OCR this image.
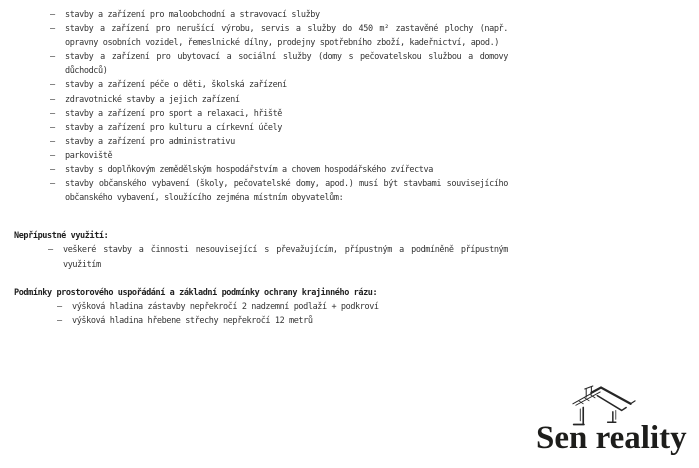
—	stavby a zařízení pro maloobchodní a stravovací služby
—	stavby a zařízení pro nerušící výrobu, servis a služby do 450 m² zastavěné plochy (např. opravny osobních vozidel, řemeslnické dílny, prodejny spotřebního zboží, kadeřnictví, apod.)
—	stavby a zařízení pro ubytovací a sociální služby (domy s pečovatelskou službou a domovy důchodců)
—	stavby a zařízení péče o děti, školská zařízení
—	zdravotnické stavby a jejich zařízení
—	stavby a zařízení pro sport a relaxaci, hřiště
—	stavby a zařízení pro kulturu a církevní účely
—	stavby a zařízení pro administrativu
—	parkoviště
—	stavby s doplňkovým zemědělským hospodářstvím a chovem hospodářského zvířectva
—	stavby občanského vybavení (školy, pečovatelské domy, apod.) musí být stavbami souvisejícího občanského vybavení, sloužícího zejména místním obyvatelům:
Nepřípustné využití:
—	veškeré stavby a činnosti nesouvisející s převažujícím, přípustným a podmíněně přípustným využitím
Podmínky prostorového uspořádání a základní podmínky ochrany krajinného rázu:
—	výšková hladina zástavby nepřekročí 2 nadzemní podlaží + podkroví
—	výšková hladina hřebene střechy nepřekročí 12 metrů
Sen reality
